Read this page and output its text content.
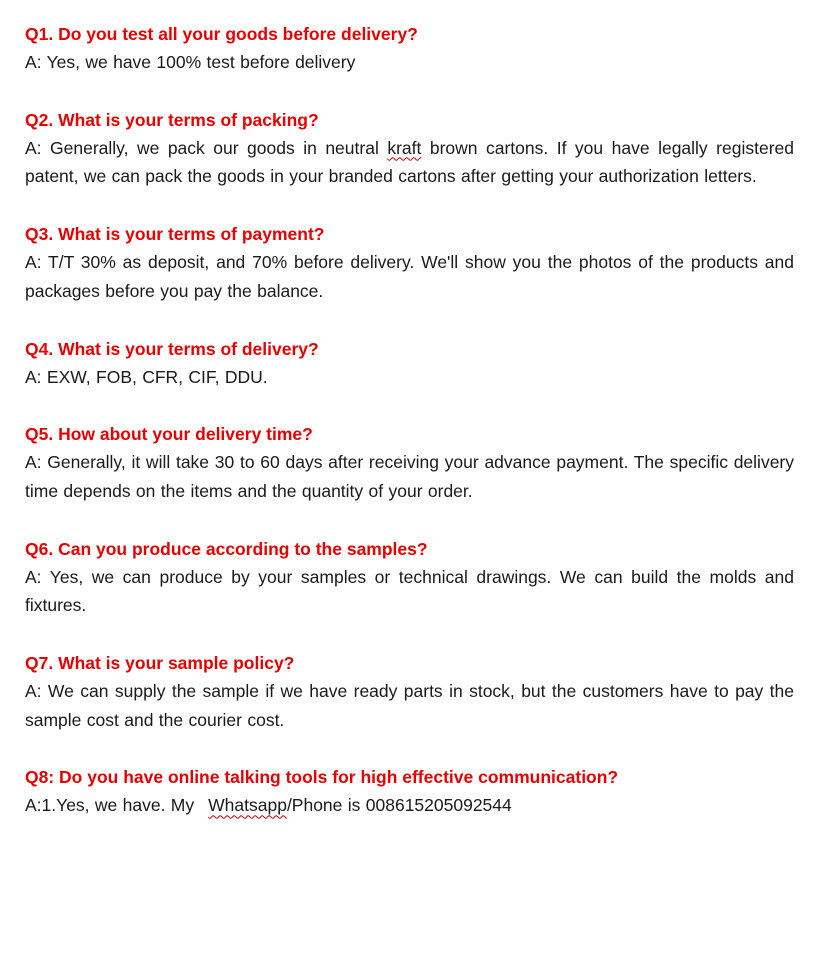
Q1. Do you test all your goods before delivery?
A: Yes, we have 100% test before delivery
Q2. What is your terms of packing?
A: Generally, we pack our goods in neutral kraft brown cartons. If you have legally registered patent, we can pack the goods in your branded cartons after getting your authorization letters.
Q3. What is your terms of payment?
A: T/T 30% as deposit, and 70% before delivery. We'll show you the photos of the products and packages before you pay the balance.
Q4. What is your terms of delivery?
A: EXW, FOB, CFR, CIF, DDU.
Q5. How about your delivery time?
A: Generally, it will take 30 to 60 days after receiving your advance payment. The specific delivery time depends on the items and the quantity of your order.
Q6. Can you produce according to the samples?
A: Yes, we can produce by your samples or technical drawings. We can build the molds and fixtures.
Q7. What is your sample policy?
A: We can supply the sample if we have ready parts in stock, but the customers have to pay the sample cost and the courier cost.
Q8: Do you have online talking tools for high effective communication?
A:1.Yes, we have. My Whatsapp/Phone is 008615205092544
